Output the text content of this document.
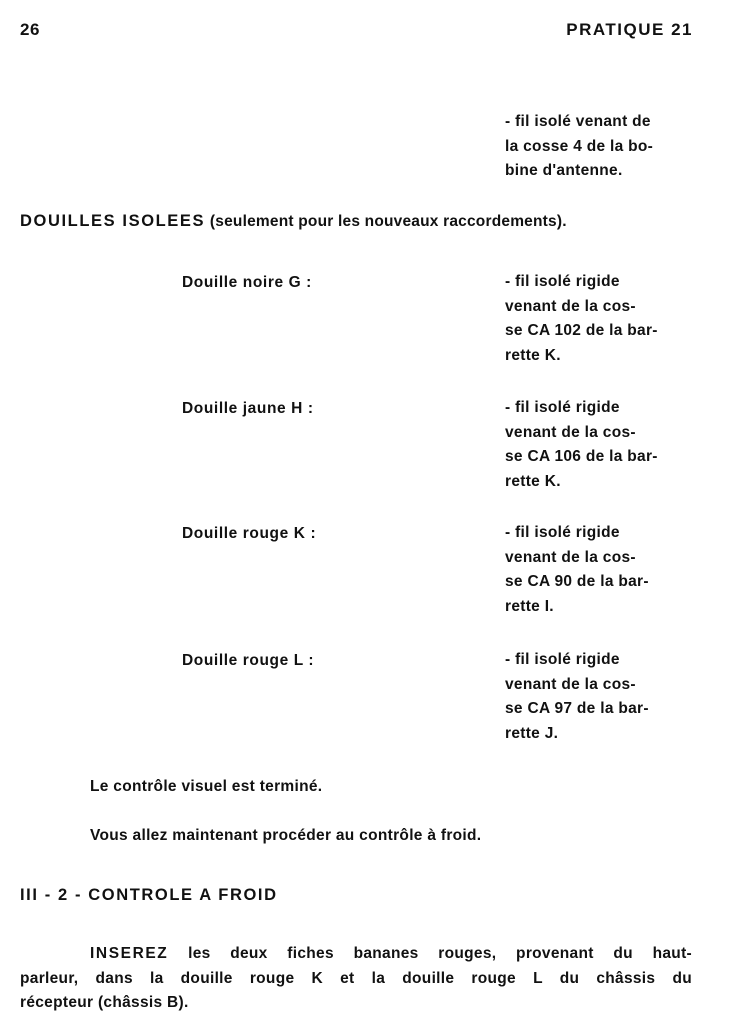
26	PRATIQUE 21
- fil isolé venant de
la cosse 4 de la bo-
bine d'antenne.
DOUILLES ISOLEES (seulement pour les nouveaux raccordements).
Douille noire G :	- fil isolé rigide
venant de la cos-
se CA 102 de la bar-
rette K.
Douille jaune H :	- fil isolé rigide
venant de la cos-
se CA 106 de la bar-
rette K.
Douille rouge K :	- fil isolé rigide
venant de la cos-
se CA 90 de la bar-
rette I.
Douille rouge L :	- fil isolé rigide
venant de la cos-
se CA 97 de la bar-
rette J.
Le contrôle visuel est terminé.
Vous allez maintenant procéder au contrôle à froid.
III - 2 - CONTROLE A FROID
INSEREZ les deux fiches bananes rouges, provenant du haut-
parleur, dans la douille rouge K et la douille rouge L du châssis du
récepteur (châssis B).
